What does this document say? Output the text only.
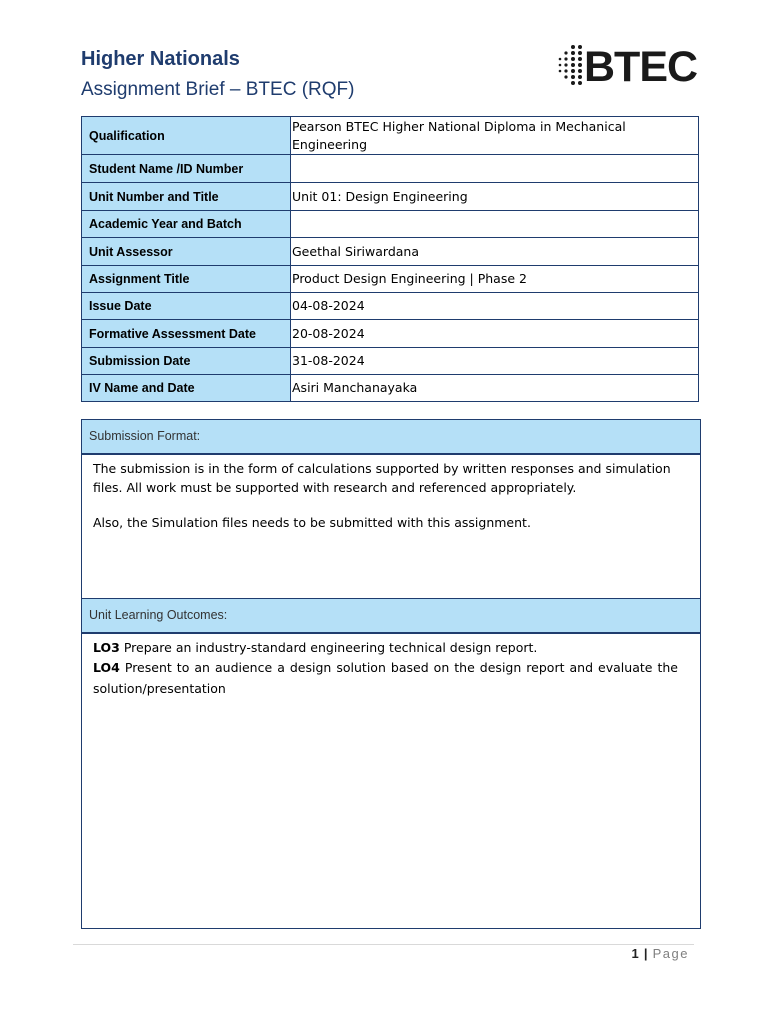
Higher Nationals
Assignment Brief – BTEC (RQF)	BTEC
Qualification	Pearson BTEC Higher National Diploma in Mechanical Engineering
Student Name /ID Number	
Unit Number and Title	Unit 01: Design Engineering
Academic Year and Batch	
Unit Assessor	Geethal Siriwardana
Assignment Title	Product Design Engineering | Phase 2
Issue Date	04-08-2024
Formative Assessment Date	20-08-2024
Submission Date	31-08-2024
IV Name and Date	Asiri Manchanayaka
Submission Format:

The submission is in the form of calculations supported by written responses and simulation files. All work must be supported with research and referenced appropriately.

Also, the Simulation files needs to be submitted with this assignment.

Unit Learning Outcomes:

LO3 Prepare an industry-standard engineering technical design report.

LO4 Present to an audience a design solution based on the design report and evaluate the solution/presentation

1 | Page
